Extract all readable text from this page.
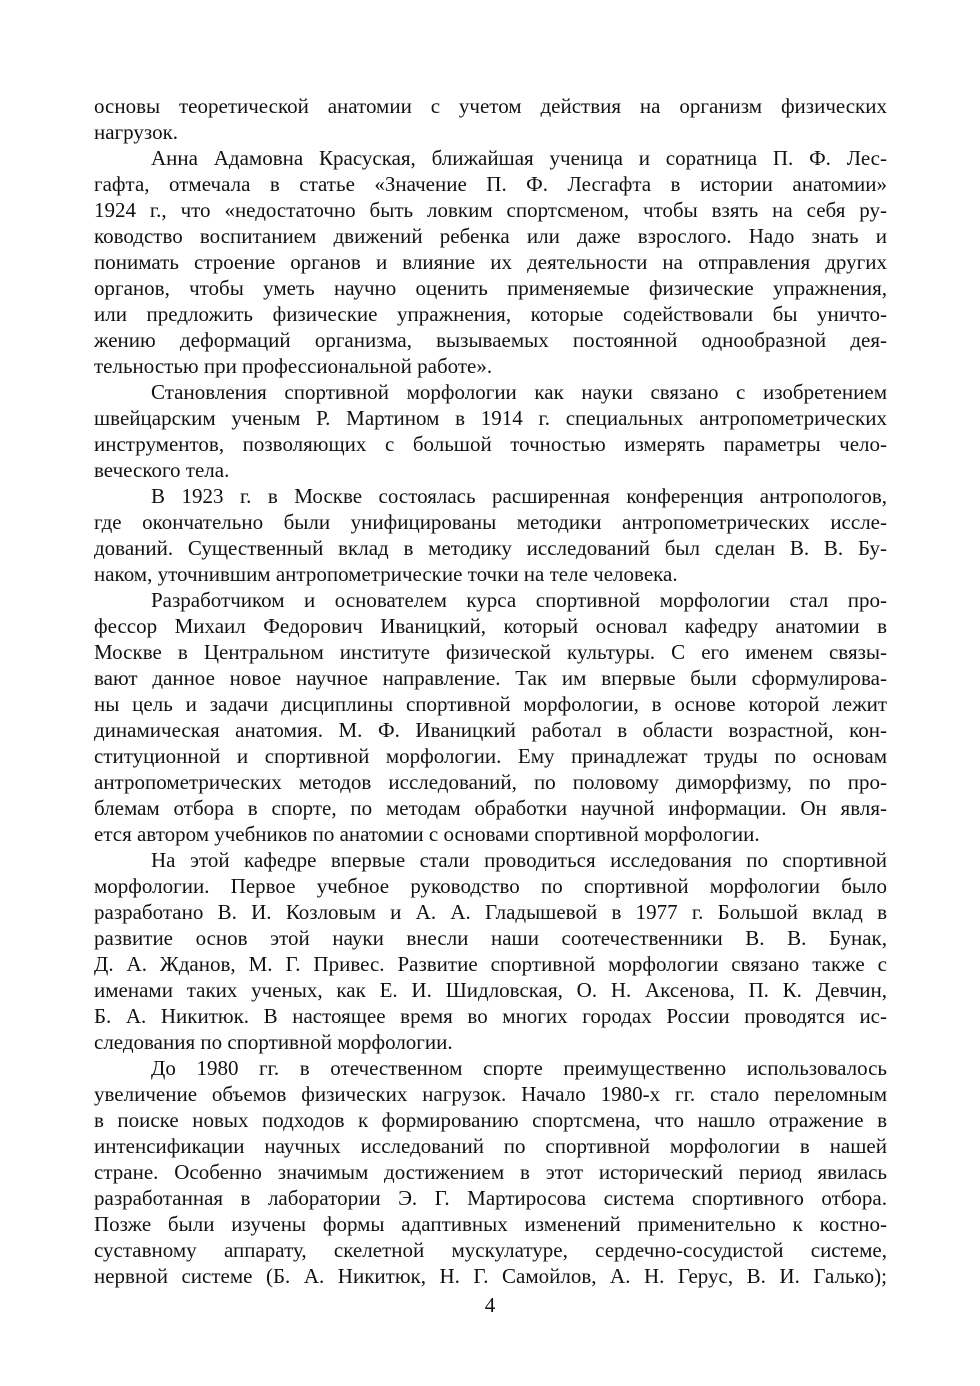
основы теоретической анатомии с учетом действия на организм физических
нагрузок.
Анна Адамовна Красуская, ближайшая ученица и соратница П. Ф. Лес-
гафта, отмечала в статье «Значение П. Ф. Лесгафта в истории анатомии»
1924 г., что «недостаточно быть ловким спортсменом, чтобы взять на себя ру-
ководство воспитанием движений ребенка или даже взрослого. Надо знать и
понимать строение органов и влияние их деятельности на отправления других
органов, чтобы уметь научно оценить применяемые физические упражнения,
или предложить физические упражнения, которые содействовали бы уничто-
жению деформаций организма, вызываемых постоянной однообразной дея-
тельностью при профессиональной работе».
Становления спортивной морфологии как науки связано с изобретением
швейцарским ученым Р. Мартином в 1914 г. специальных антропометрических
инструментов, позволяющих с большой точностью измерять параметры чело-
веческого тела.
В 1923 г. в Москве состоялась расширенная конференция антропологов,
где окончательно были унифицированы методики антропометрических иссле-
дований. Существенный вклад в методику исследований был сделан В. В. Бу-
наком, уточнившим антропометрические точки на теле человека.
Разработчиком и основателем курса спортивной морфологии стал про-
фессор Михаил Федорович Иваницкий, который основал кафедру анатомии в
Москве в Центральном институте физической культуры. С его именем связы-
вают данное новое научное направление. Так им впервые были сформулирова-
ны цель и задачи дисциплины спортивной морфологии, в основе которой лежит
динамическая анатомия. М. Ф. Иваницкий работал в области возрастной, кон-
ституционной и спортивной морфологии. Ему принадлежат труды по основам
антропометрических методов исследований, по половому диморфизму, по про-
блемам отбора в спорте, по методам обработки научной информации. Он явля-
ется автором учебников по анатомии с основами спортивной морфологии.
На этой кафедре впервые стали проводиться исследования по спортивной
морфологии. Первое учебное руководство по спортивной морфологии было
разработано В. И. Козловым и А. А. Гладышевой в 1977 г. Большой вклад в
развитие основ этой науки внесли наши соотечественники В. В. Бунак,
Д. А. Жданов, М. Г. Привес. Развитие спортивной морфологии связано также с
именами таких ученых, как Е. И. Шидловская, О. Н. Аксенова, П. К. Девчин,
Б. А. Никитюк. В настоящее время во многих городах России проводятся ис-
следования по спортивной морфологии.
До 1980 гг. в отечественном спорте преимущественно использовалось
увеличение объемов физических нагрузок. Начало 1980-х гг. стало переломным
в поиске новых подходов к формированию спортсмена, что нашло отражение в
интенсификации научных исследований по спортивной морфологии в нашей
стране. Особенно значимым достижением в этот исторический период явилась
разработанная в лаборатории Э. Г. Мартиросова система спортивного отбора.
Позже были изучены формы адаптивных изменений применительно к костно-
суставному аппарату, скелетной мускулатуре, сердечно-сосудистой системе,
нервной системе (Б. А. Никитюк, Н. Г. Самойлов, А. Н. Герус, В. И. Галько);
4
